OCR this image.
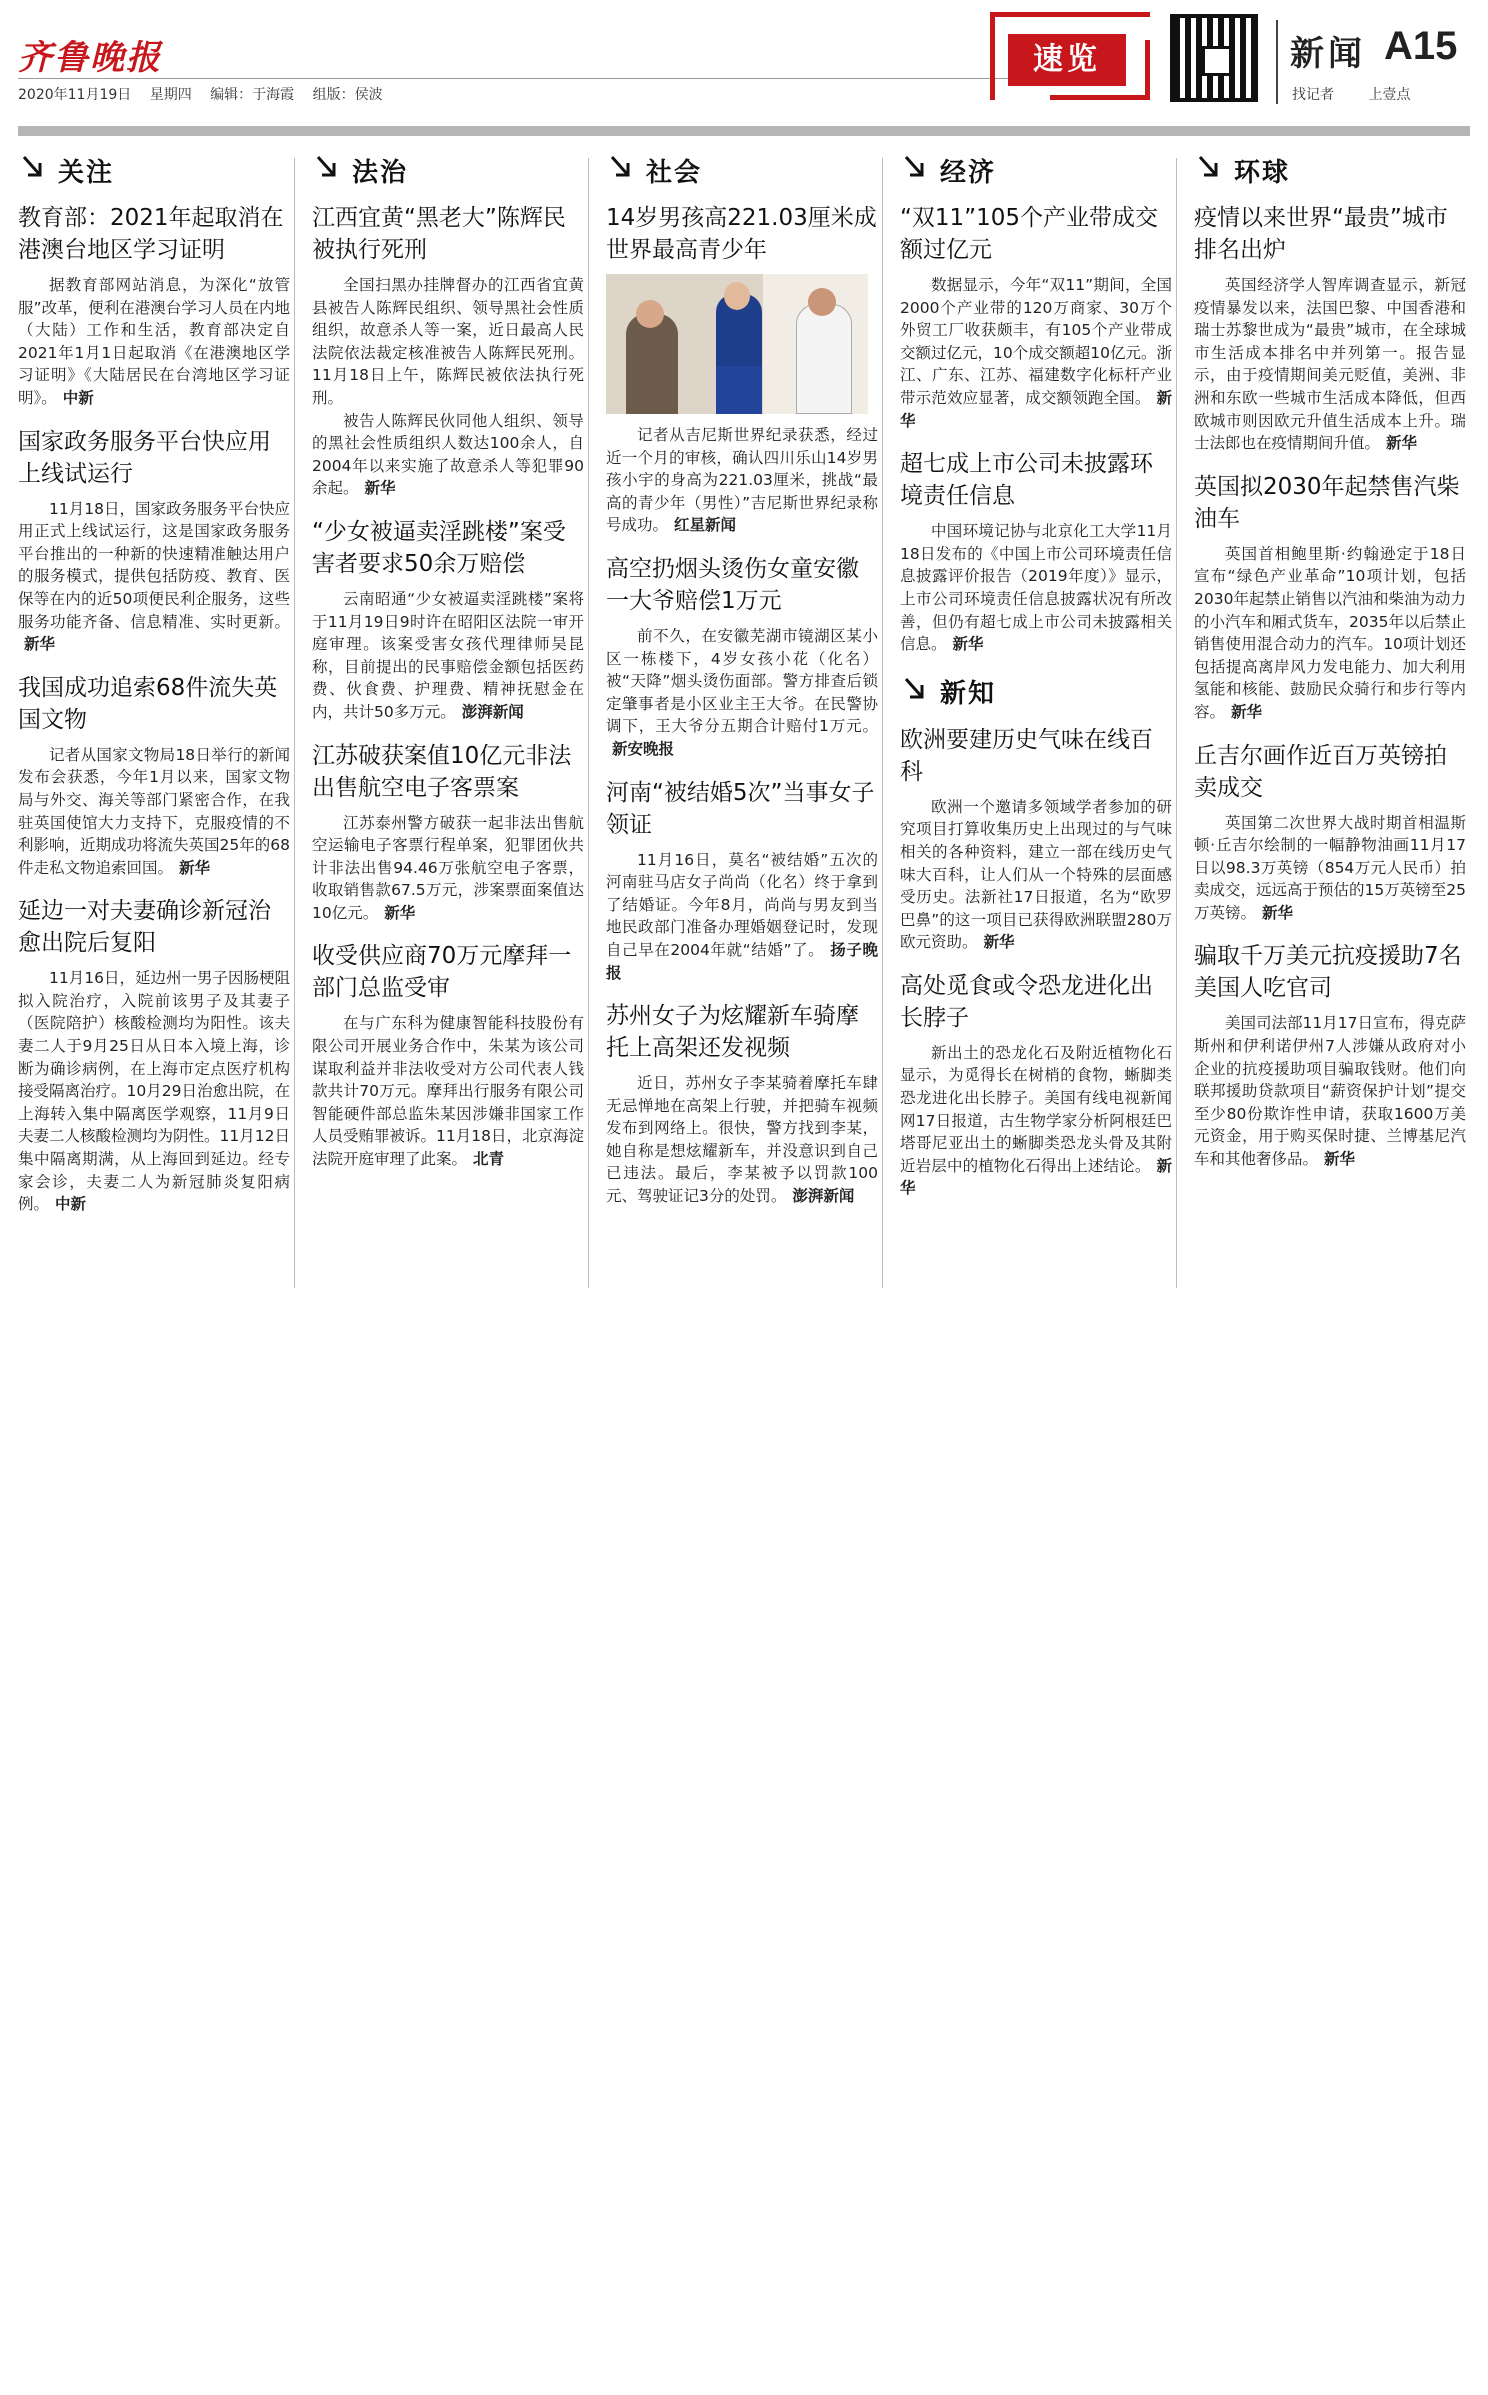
齐鲁晚报
2020年11月19日 星期四 编辑：于海霞 组版：侯波
速览	新闻 A15
找记者 上壹点
关注
教育部：2021年起取消在港澳台地区学习证明
据教育部网站消息，为深化“放管服”改革，便利在港澳台学习人员在内地（大陆）工作和生活，教育部决定自2021年1月1日起取消《在港澳地区学习证明》《大陆居民在台湾地区学习证明》。 中新
国家政务服务平台快应用上线试运行
11月18日，国家政务服务平台快应用正式上线试运行，这是国家政务服务平台推出的一种新的快速精准触达用户的服务模式，提供包括防疫、教育、医保等在内的近50项便民利企服务，这些服务功能齐备、信息精准、实时更新。新华
我国成功追索68件流失英国文物
记者从国家文物局18日举行的新闻发布会获悉，今年1月以来，国家文物局与外交、海关等部门紧密合作，在我驻英国使馆大力支持下，克服疫情的不利影响，近期成功将流失英国25年的68件走私文物追索回国。 新华
延边一对夫妻确诊新冠治愈出院后复阳
11月16日，延边州一男子因肠梗阻拟入院治疗，入院前该男子及其妻子（医院陪护）核酸检测均为阳性。该夫妻二人于9月25日从日本入境上海，诊断为确诊病例，在上海市定点医疗机构接受隔离治疗。10月29日治愈出院，在上海转入集中隔离医学观察，11月9日夫妻二人核酸检测均为阴性。11月12日集中隔离期满，从上海回到延边。经专家会诊，夫妻二人为新冠肺炎复阳病例。 中新
法治
江西宜黄“黑老大”陈辉民被执行死刑
全国扫黑办挂牌督办的江西省宜黄县被告人陈辉民组织、领导黑社会性质组织，故意杀人等一案，近日最高人民法院依法裁定核准被告人陈辉民死刑。11月18日上午，陈辉民被依法执行死刑。
被告人陈辉民伙同他人组织、领导的黑社会性质组织人数达100余人，自2004年以来实施了故意杀人等犯罪90余起。 新华
“少女被逼卖淫跳楼”案受害者要求50余万赔偿
云南昭通“少女被逼卖淫跳楼”案将于11月19日9时许在昭阳区法院一审开庭审理。该案受害女孩代理律师吴昆称，目前提出的民事赔偿金额包括医药费、伙食费、护理费、精神抚慰金在内，共计50多万元。 澎湃新闻
江苏破获案值10亿元非法出售航空电子客票案
江苏泰州警方破获一起非法出售航空运输电子客票行程单案，犯罪团伙共计非法出售94.46万张航空电子客票，收取销售款67.5万元，涉案票面案值达10亿元。 新华
收受供应商70万元摩拜一部门总监受审
在与广东科为健康智能科技股份有限公司开展业务合作中，朱某为该公司谋取利益并非法收受对方公司代表人钱款共计70万元。摩拜出行服务有限公司智能硬件部总监朱某因涉嫌非国家工作人员受贿罪被诉。11月18日，北京海淀法院开庭审理了此案。 北青
社会
14岁男孩高221.03厘米成世界最高青少年
记者从吉尼斯世界纪录获悉，经过近一个月的审核，确认四川乐山14岁男孩小宇的身高为221.03厘米，挑战“最高的青少年（男性）”吉尼斯世界纪录称号成功。 红星新闻
高空扔烟头烫伤女童安徽一大爷赔偿1万元
前不久，在安徽芜湖市镜湖区某小区一栋楼下，4岁女孩小花（化名）被“天降”烟头烫伤面部。警方排查后锁定肇事者是小区业主王大爷。在民警协调下，王大爷分五期合计赔付1万元。新安晚报
河南“被结婚5次”当事女子领证
11月16日，莫名“被结婚”五次的河南驻马店女子尚尚（化名）终于拿到了结婚证。今年8月，尚尚与男友到当地民政部门准备办理婚姻登记时，发现自己早在2004年就“结婚”了。 扬子晚报
苏州女子为炫耀新车骑摩托上高架还发视频
近日，苏州女子李某骑着摩托车肆无忌惮地在高架上行驶，并把骑车视频发布到网络上。很快，警方找到李某，她自称是想炫耀新车，并没意识到自己已违法。最后，李某被予以罚款100元、驾驶证记3分的处罚。 澎湃新闻
经济
“双11”105个产业带成交额过亿元
数据显示，今年“双11”期间，全国2000个产业带的120万商家、30万个外贸工厂收获颇丰，有105个产业带成交额过亿元，10个成交额超10亿元。浙江、广东、江苏、福建数字化标杆产业带示范效应显著，成交额领跑全国。 新华
超七成上市公司未披露环境责任信息
中国环境记协与北京化工大学11月18日发布的《中国上市公司环境责任信息披露评价报告（2019年度）》显示，上市公司环境责任信息披露状况有所改善，但仍有超七成上市公司未披露相关信息。 新华
新知
欧洲要建历史气味在线百科
欧洲一个邀请多领域学者参加的研究项目打算收集历史上出现过的与气味相关的各种资料，建立一部在线历史气味大百科，让人们从一个特殊的层面感受历史。法新社17日报道，名为“欧罗巴鼻”的这一项目已获得欧洲联盟280万欧元资助。 新华
高处觅食或令恐龙进化出长脖子
新出土的恐龙化石及附近植物化石显示，为觅得长在树梢的食物，蜥脚类恐龙进化出长脖子。美国有线电视新闻网17日报道，古生物学家分析阿根廷巴塔哥尼亚出土的蜥脚类恐龙头骨及其附近岩层中的植物化石得出上述结论。 新华
环球
疫情以来世界“最贵”城市排名出炉
英国经济学人智库调查显示，新冠疫情暴发以来，法国巴黎、中国香港和瑞士苏黎世成为“最贵”城市，在全球城市生活成本排名中并列第一。报告显示，由于疫情期间美元贬值，美洲、非洲和东欧一些城市生活成本降低，但西欧城市则因欧元升值生活成本上升。瑞士法郎也在疫情期间升值。 新华
英国拟2030年起禁售汽柴油车
英国首相鲍里斯·约翰逊定于18日宣布“绿色产业革命”10项计划，包括2030年起禁止销售以汽油和柴油为动力的小汽车和厢式货车，2035年以后禁止销售使用混合动力的汽车。10项计划还包括提高离岸风力发电能力、加大利用氢能和核能、鼓励民众骑行和步行等内容。 新华
丘吉尔画作近百万英镑拍卖成交
英国第二次世界大战时期首相温斯顿·丘吉尔绘制的一幅静物油画11月17日以98.3万英镑（854万元人民币）拍卖成交，远远高于预估的15万英镑至25万英镑。 新华
骗取千万美元抗疫援助7名美国人吃官司
美国司法部11月17日宣布，得克萨斯州和伊利诺伊州7人涉嫌从政府对小企业的抗疫援助项目骗取钱财。他们向联邦援助贷款项目“薪资保护计划”提交至少80份欺诈性申请，获取1600万美元资金，用于购买保时捷、兰博基尼汽车和其他奢侈品。 新华
